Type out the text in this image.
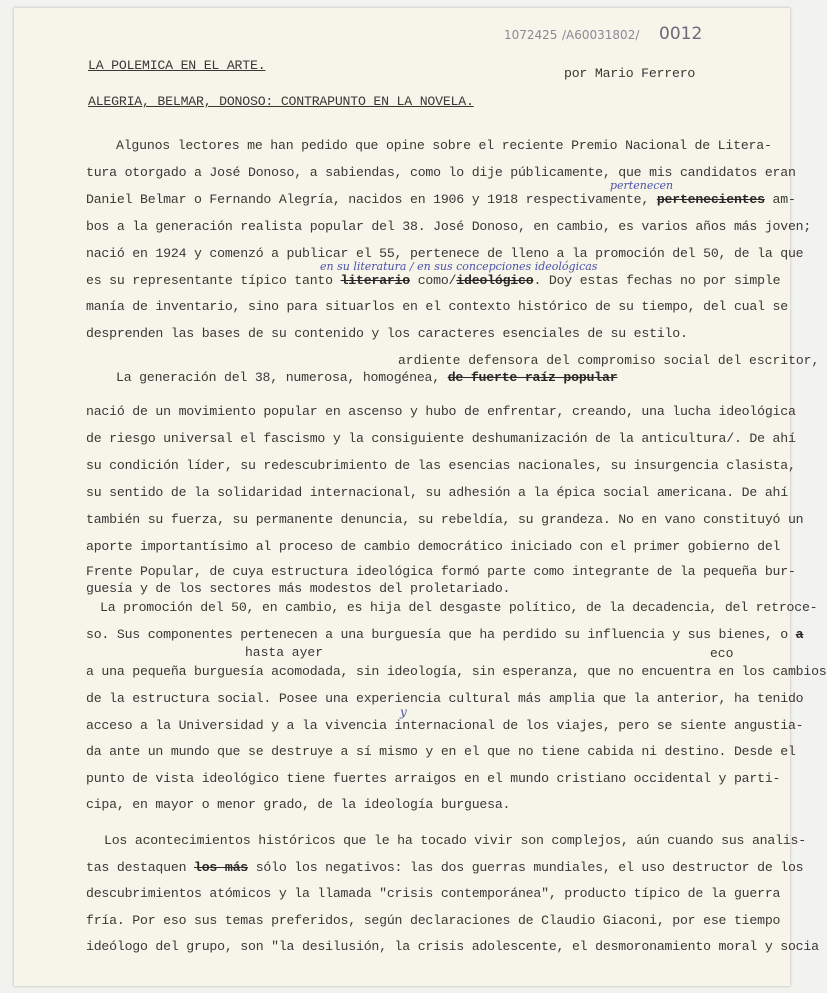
1072425 /A60031802/ 0012
LA POLEMICA EN EL ARTE.
por Mario Ferrero
ALEGRIA, BELMAR, DONOSO: CONTRAPUNTO EN LA NOVELA.
Algunos lectores me han pedido que opine sobre el reciente Premio Nacional de Litera-
tura otorgado a José Donoso, a sabiendas, como lo dije públicamente, que mis candidatos eran
Daniel Belmar o Fernando Alegría, nacidos en 1906 y 1918 respectivamente, pertenecientes am-
bos a la generación realista popular del 38. José Donoso, en cambio, es varios años más joven;
nació en 1924 y comenzó a publicar el 55, pertenece de lleno a la promoción del 50, de la que
es su representante típico tanto literario como/ideológico. Doy estas fechas no por simple
manía de inventario, sino para situarlos en el contexto histórico de su tiempo, del cual se
desprenden las bases de su contenido y los caracteres esenciales de su estilo.
La generación del 38, numerosa, homogénea, de fuerte raíz popular
nació de un movimiento popular en ascenso y hubo de enfrentar, creando, una lucha ideológica
de riesgo universal el fascismo y la consiguiente deshumanización de la anticultura/. De ahí
su condición líder, su redescubrimiento de las esencias nacionales, su insurgencia clasista,
su sentido de la solidaridad internacional, su adhesión a la épica social americana. De ahí
también su fuerza, su permanente denuncia, su rebeldía, su grandeza. No en vano constituyó un
aporte importantísimo al proceso de cambio democrático iniciado con el primer gobierno del
Frente Popular, de cuya estructura ideológica formó parte como integrante de la pequeña bur-
guesía y de los sectores más modestos del proletariado.
La promoción del 50, en cambio, es hija del desgaste político, de la decadencia, del retroce-
so. Sus componentes pertenecen a una burguesía que ha perdido su influencia y sus bienes, o a
a una pequeña burguesía acomodada, sin ideología, sin esperanza, que no encuentra en los cambios
de la estructura social. Posee una experiencia cultural más amplia que la anterior, ha tenido
acceso a la Universidad y a la vivencia internacional de los viajes, pero se siente angustia-
da ante un mundo que se destruye a sí mismo y en el que no tiene cabida ni destino. Desde el
punto de vista ideológico tiene fuertes arraigos en el mundo cristiano occidental y parti-
cipa, en mayor o menor grado, de la ideología burguesa.
Los acontecimientos históricos que le ha tocado vivir son complejos, aún cuando sus analis-
tas destaquen los más sólo los negativos: las dos guerras mundiales, el uso destructor de los
descubrimientos atómicos y la llamada "crisis contemporánea", producto típico de la guerra
fría. Por eso sus temas preferidos, según declaraciones de Claudio Giaconi, por ese tiempo
ideólogo del grupo, son "la desilusión, la crisis adolescente, el desmoronamiento moral y socia
pertenecen
en su literatura / en sus concepciones ideológicas
y
ardiente defensora del compromiso social del escritor,
hasta ayer	eco
